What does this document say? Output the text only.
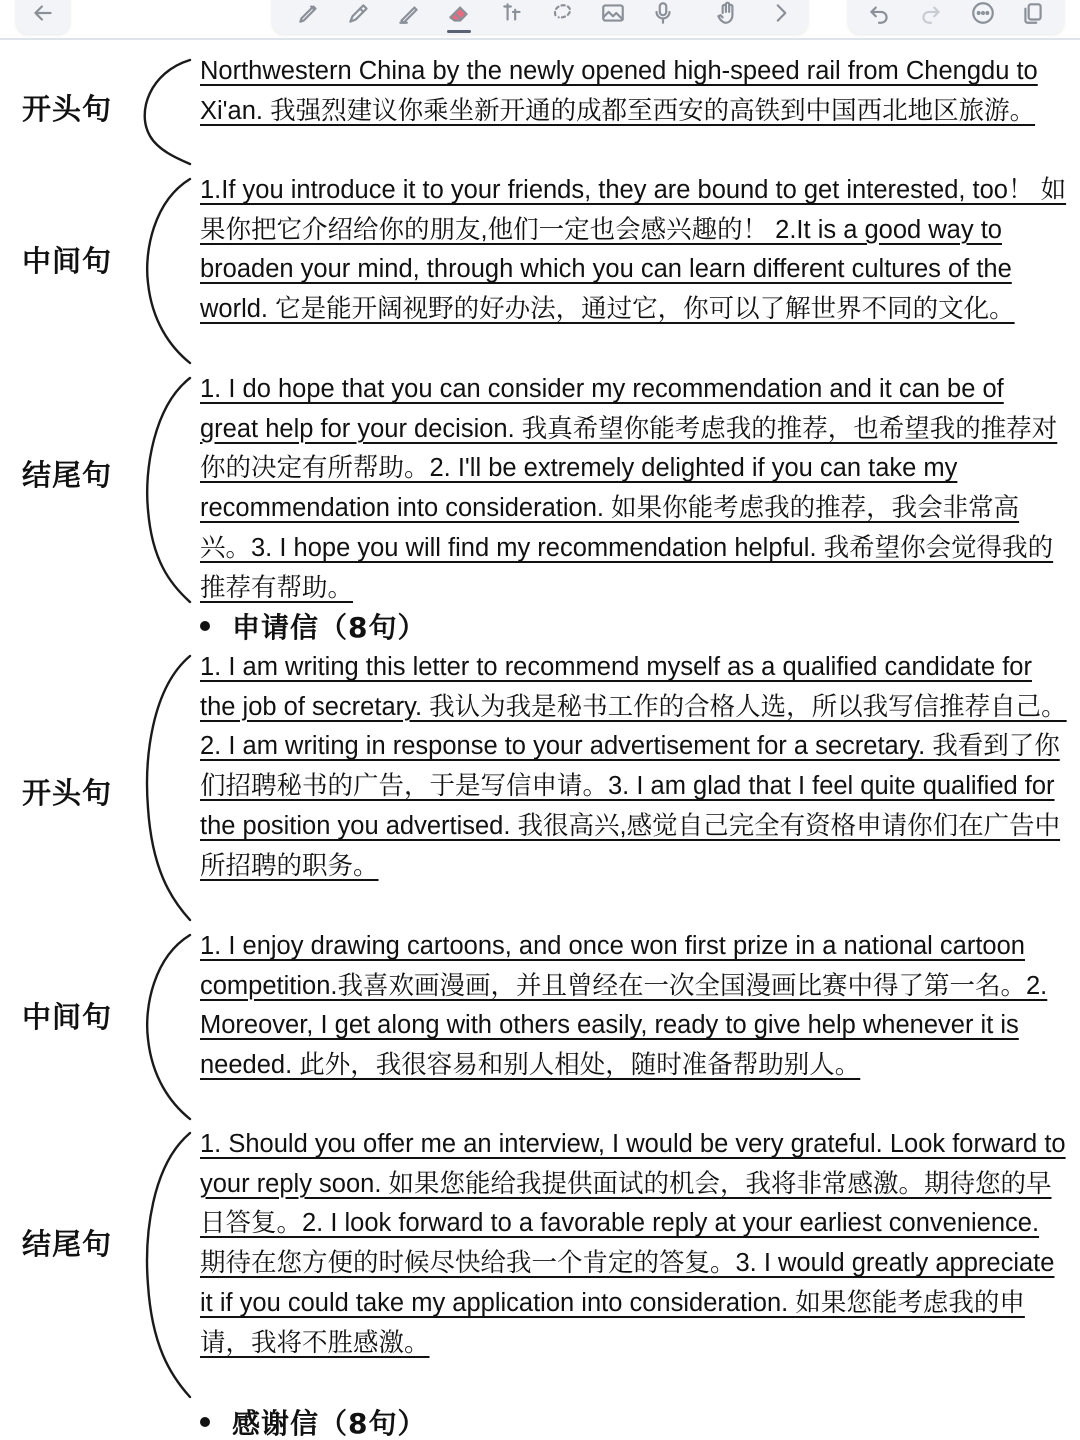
开头句
Northwestern China by the newly opened high-speed rail from Chengdu to Xi'an. 我强烈建议你乘坐新开通的成都至西安的高铁到中国西北地区旅游。
中间句
1.If you introduce it to your friends, they are bound to get interested, too！ 如果你把它介绍给你的朋友,他们一定也会感兴趣的！ 2.It is a good way to broaden your mind, through which you can learn different cultures of the world. 它是能开阔视野的好办法，通过它，你可以了解世界不同的文化。
结尾句
1. I do hope that you can consider my recommendation and it can be of great help for your decision. 我真希望你能考虑我的推荐，也希望我的推荐对你的决定有所帮助。2. I'll be extremely delighted if you can take my recommendation into consideration. 如果你能考虑我的推荐，我会非常高兴。3. I hope you will find my recommendation helpful. 我希望你会觉得我的推荐有帮助。
申请信（8句）
开头句
1. I am writing this letter to recommend myself as a qualified candidate for the job of secretary. 我认为我是秘书工作的合格人选，所以我写信推荐自己。2. I am writing in response to your advertisement for a secretary. 我看到了你们招聘秘书的广告，于是写信申请。3. I am glad that I feel quite qualified for the position you advertised. 我很高兴,感觉自己完全有资格申请你们在广告中所招聘的职务。
中间句
1. I enjoy drawing cartoons, and once won first prize in a national cartoon competition.我喜欢画漫画，并且曾经在一次全国漫画比赛中得了第一名。2. Moreover, I get along with others easily, ready to give help whenever it is needed. 此外，我很容易和别人相处，随时准备帮助别人。
结尾句
1. Should you offer me an interview, I would be very grateful. Look forward to your reply soon. 如果您能给我提供面试的机会，我将非常感激。期待您的早日答复。2. I look forward to a favorable reply at your earliest convenience. 期待在您方便的时候尽快给我一个肯定的答复。3. I would greatly appreciate it if you could take my application into consideration. 如果您能考虑我的申请，我将不胜感激。
感谢信（8句）
